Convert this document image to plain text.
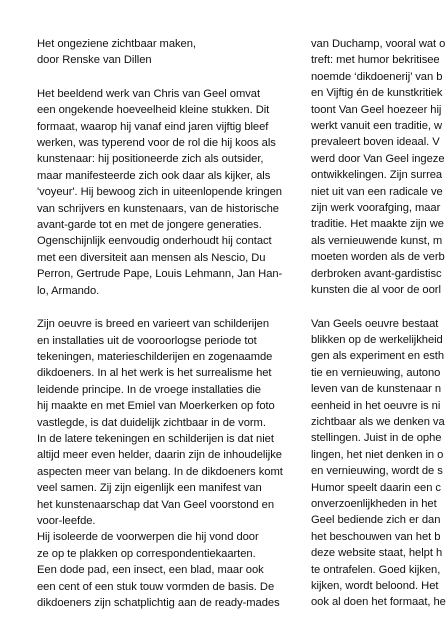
Het ongeziene zichtbaar maken,
door Renske van Dillen
Het beeldend werk van Chris van Geel omvat
een ongekende hoeveelheid kleine stukken. Dit
formaat, waarop hij vanaf eind jaren vijftig bleef
werken, was typerend voor de rol die hij koos als
kunstenaar: hij positioneerde zich als outsider,
maar manifesteerde zich ook daar als kijker, als
'voyeur'. Hij bewoog zich in uiteenlopende kringen
van schrijvers en kunstenaars, van de historische
avant-garde tot en met de jongere generaties.
Ogenschijnlijk eenvoudig onderhoudt hij contact
met een diversiteit aan mensen als Nescio, Du
Perron, Gertrude Pape, Louis Lehmann, Jan Han-
lo, Armando.
Zijn oeuvre is breed en varieert van schilderijen
en installaties uit de vooroorlogse periode tot
tekeningen, materieschilderijen en zogenaamde
dikdoeners. In al het werk is het surrealisme het
leidende principe. In de vroege installaties die
hij maakte en met Emiel van Moerkerken op foto
vastlegde, is dat duidelijk zichtbaar in de vorm.
In de latere tekeningen en schilderijen is dat niet
altijd meer even helder, daarin zijn de inhoudelijke
aspecten meer van belang. In de dikdoeners komt
veel samen. Zij zijn eigenlijk een manifest van
het kunstenaarschap dat Van Geel voorstond en
voor-leefde.
Hij isoleerde de voorwerpen die hij vond door
ze op te plakken op correspondentiekaarten.
Een dode pad, een insect, een blad, maar ook
een cent of een stuk touw vormden de basis. De
dikdoeners zijn schatplichtig aan de ready-mades
van Duchamp, vooral wat o
treft: met humor bekritisee
noemde ‘dikdoenerij’ van b
en Vijftig én de kunstkritiek
toont Van Geel hoezeer hij
werkt vanuit een traditie, w
prevaleert boven ideaal. V
werd door Van Geel ingeze
ontwikkelingen. Zijn surrea
niet uit van een radicale ve
zijn werk voorafging, maar
traditie. Het maakte zijn we
als vernieuwende kunst, m
moeten worden als de verb
derbroken avant-gardistisc
kunsten die al voor de oorl
Van Geels oeuvre bestaat
blikken op de werkelijkheid
gen als experiment en esth
tie en vernieuwing, autono
leven van de kunstenaar n
eenheid in het oeuvre is ni
zichtbaar als we denken va
stellingen. Juist in de ophe
lingen, het niet denken in o
en vernieuwing, wordt de s
Humor speelt daarin een c
onverzoenlijkheden in het
Geel bediende zich er dan
het beschouwen van het b
deze website staat, helpt h
te ontrafelen. Goed kijken,
kijken, wordt beloond. Het
ook al doen het formaat, he
